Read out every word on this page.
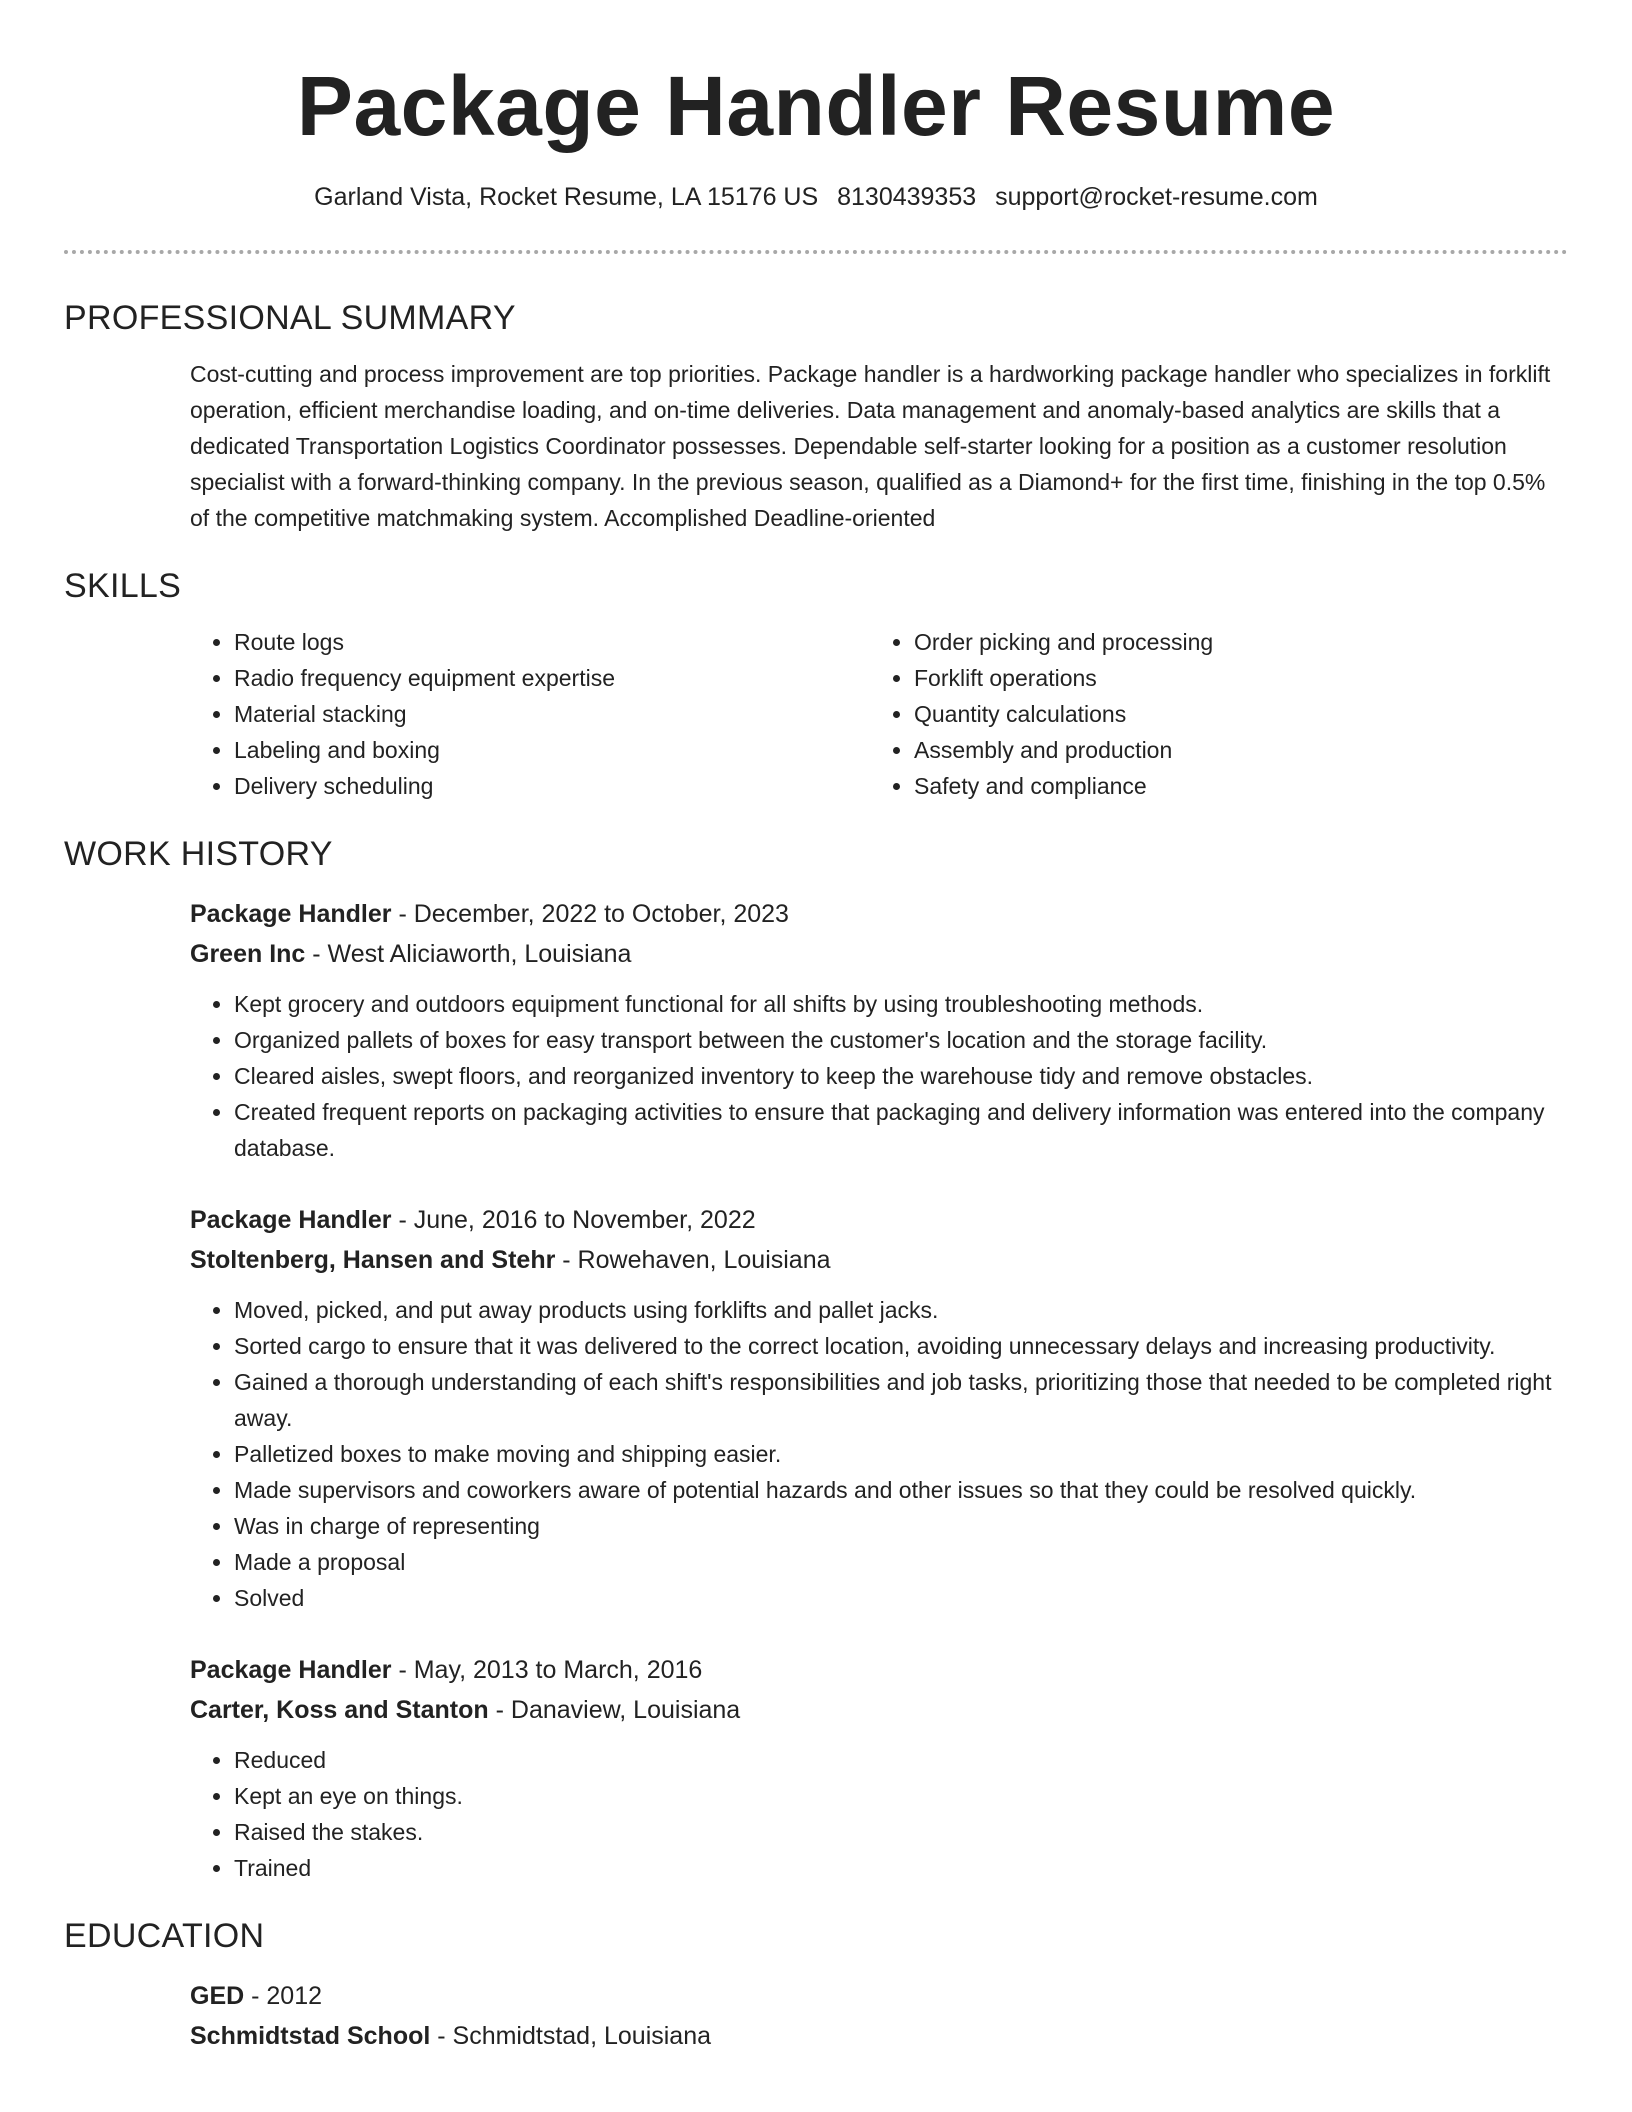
Package Handler Resume
Garland Vista, Rocket Resume, LA 15176 US 8130439353 support@rocket-resume.com
PROFESSIONAL SUMMARY

Cost-cutting and process improvement are top priorities. Package handler is a hardworking package handler who specializes in forklift operation, efficient merchandise loading, and on-time deliveries. Data management and anomaly-based analytics are skills that a dedicated Transportation Logistics Coordinator possesses. Dependable self-starter looking for a position as a customer resolution specialist with a forward-thinking company. In the previous season, qualified as a Diamond+ for the first time, finishing in the top 0.5% of the competitive matchmaking system. Accomplished Deadline-oriented

SKILLS
• Route logs
• Radio frequency equipment expertise
• Material stacking
• Labeling and boxing
• Delivery scheduling
• Order picking and processing
• Forklift operations
• Quantity calculations
• Assembly and production
• Safety and compliance
WORK HISTORY
Package Handler - December, 2022 to October, 2023
Green Inc - West Aliciaworth, Louisiana
• Kept grocery and outdoors equipment functional for all shifts by using troubleshooting methods.
• Organized pallets of boxes for easy transport between the customer's location and the storage facility.
• Cleared aisles, swept floors, and reorganized inventory to keep the warehouse tidy and remove obstacles.
• Created frequent reports on packaging activities to ensure that packaging and delivery information was entered into the company database.
Package Handler - June, 2016 to November, 2022
Stoltenberg, Hansen and Stehr - Rowehaven, Louisiana
• Moved, picked, and put away products using forklifts and pallet jacks.
• Sorted cargo to ensure that it was delivered to the correct location, avoiding unnecessary delays and increasing productivity.
• Gained a thorough understanding of each shift's responsibilities and job tasks, prioritizing those that needed to be completed right away.
• Palletized boxes to make moving and shipping easier.
• Made supervisors and coworkers aware of potential hazards and other issues so that they could be resolved quickly.
• Was in charge of representing
• Made a proposal
• Solved
Package Handler - May, 2013 to March, 2016
Carter, Koss and Stanton - Danaview, Louisiana
• Reduced
• Kept an eye on things.
• Raised the stakes.
• Trained
EDUCATION
GED - 2012
Schmidtstad School - Schmidtstad, Louisiana
